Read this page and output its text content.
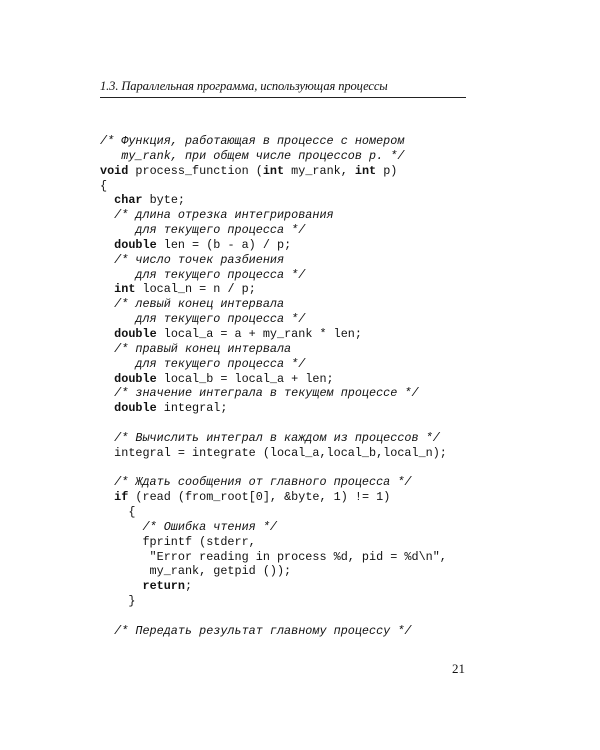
1.3. Параллельная программа, использующая процессы
/* Функция, работающая в процессе с номером
my_rank, при общем числе процессов p. */
void process_function (int my_rank, int p)
{
char byte;
/* длина отрезка интегрирования
для текущего процесса */
double len = (b - a) / p;
/* число точек разбиения
для текущего процесса */
int local_n = n / p;
/* левый конец интервала
для текущего процесса */
double local_a = a + my_rank * len;
/* правый конец интервала
для текущего процесса */
double local_b = local_a + len;
/* значение интеграла в текущем процессе */
double integral;
/* Вычислить интеграл в каждом из процессов */
integral = integrate (local_a,local_b,local_n);
/* Ждать сообщения от главного процесса */
if (read (from_root[0], &byte, 1) != 1)
{
/* Ошибка чтения */
fprintf (stderr,
"Error reading in process %d, pid = %d\n",
my_rank, getpid ());
return;
}
/* Передать результат главному процессу */
21
